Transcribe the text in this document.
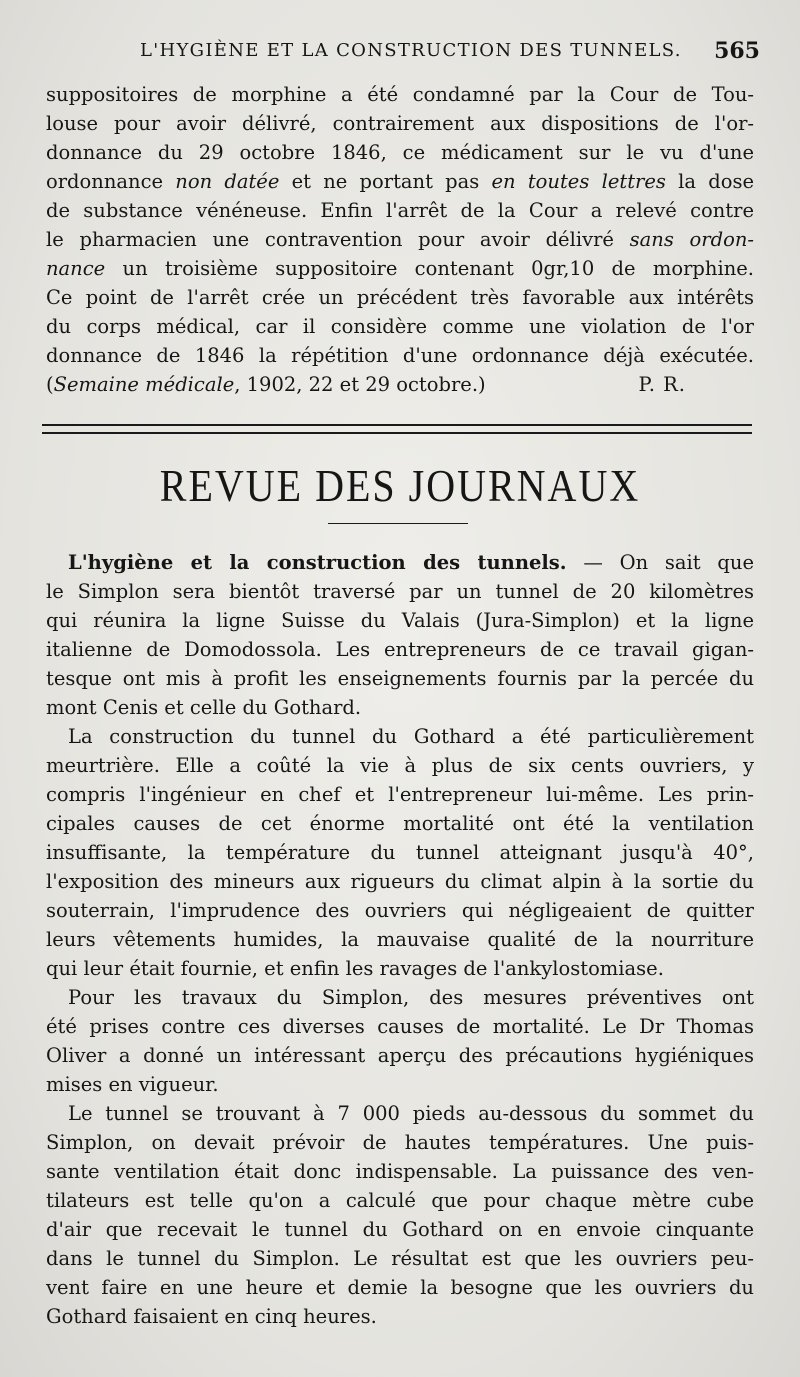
L'HYGIÈNE ET LA CONSTRUCTION DES TUNNELS. 565
suppositoires de morphine a été condamné par la Cour de Tou-
louse pour avoir délivré, contrairement aux dispositions de l'or-
donnance du 29 octobre 1846, ce médicament sur le vu d'une
ordonnance non datée et ne portant pas en toutes lettres la dose
de substance vénéneuse. Enfin l'arrêt de la Cour a relevé contre
le pharmacien une contravention pour avoir délivré sans ordon-
nance un troisième suppositoire contenant 0gr,10 de morphine.
Ce point de l'arrêt crée un précédent très favorable aux intérêts
du corps médical, car il considère comme une violation de l'or
donnance de 1846 la répétition d'une ordonnance déjà exécutée.
(Semaine médicale, 1902, 22 et 29 octobre.)	P. R.
REVUE DES JOURNAUX
L'hygiène et la construction des tunnels. — On sait que
le Simplon sera bientôt traversé par un tunnel de 20 kilomètres
qui réunira la ligne Suisse du Valais (Jura-Simplon) et la ligne
italienne de Domodossola. Les entrepreneurs de ce travail gigan-
tesque ont mis à profit les enseignements fournis par la percée du
mont Cenis et celle du Gothard.
La construction du tunnel du Gothard a été particulièrement
meurtrière. Elle a coûté la vie à plus de six cents ouvriers, y
compris l'ingénieur en chef et l'entrepreneur lui-même. Les prin-
cipales causes de cet énorme mortalité ont été la ventilation
insuffisante, la température du tunnel atteignant jusqu'à 40°,
l'exposition des mineurs aux rigueurs du climat alpin à la sortie du
souterrain, l'imprudence des ouvriers qui négligeaient de quitter
leurs vêtements humides, la mauvaise qualité de la nourriture
qui leur était fournie, et enfin les ravages de l'ankylostomiase.
Pour les travaux du Simplon, des mesures préventives ont
été prises contre ces diverses causes de mortalité. Le Dr Thomas
Oliver a donné un intéressant aperçu des précautions hygiéniques
mises en vigueur.
Le tunnel se trouvant à 7 000 pieds au-dessous du sommet du
Simplon, on devait prévoir de hautes températures. Une puis-
sante ventilation était donc indispensable. La puissance des ven-
tilateurs est telle qu'on a calculé que pour chaque mètre cube
d'air que recevait le tunnel du Gothard on en envoie cinquante
dans le tunnel du Simplon. Le résultat est que les ouvriers peu-
vent faire en une heure et demie la besogne que les ouvriers du
Gothard faisaient en cinq heures.
